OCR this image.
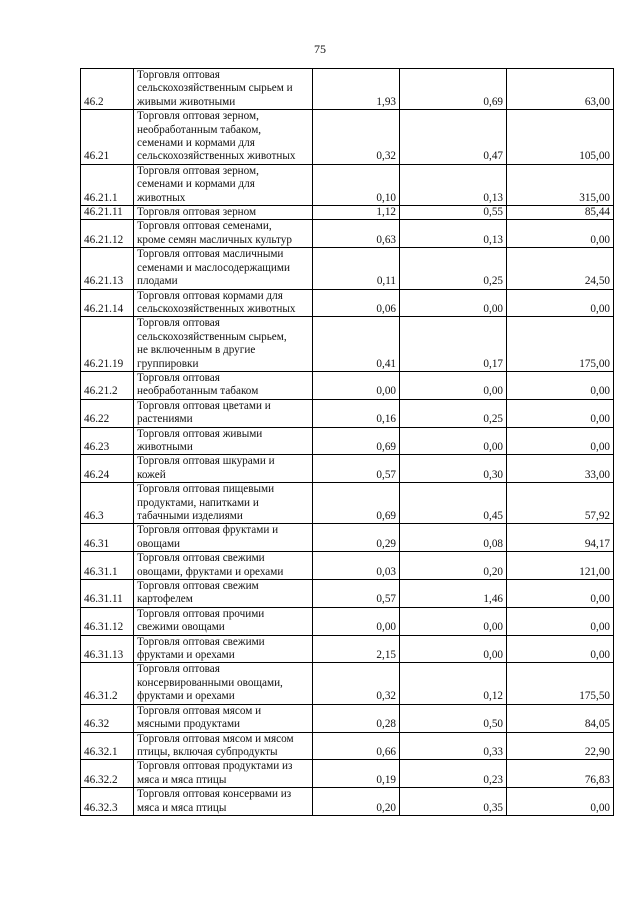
75
46.2	Торговля оптовая
сельскохозяйственным сырьем и
живыми животными	1,93	0,69	63,00
46.21	Торговля оптовая зерном,
необработанным табаком,
семенами и кормами для
сельскохозяйственных животных	0,32	0,47	105,00
46.21.1	Торговля оптовая зерном,
семенами и кормами для
животных	0,10	0,13	315,00
46.21.11	Торговля оптовая зерном	1,12	0,55	85,44
46.21.12	Торговля оптовая семенами,
кроме семян масличных культур	0,63	0,13	0,00
46.21.13	Торговля оптовая масличными
семенами и маслосодержащими
плодами	0,11	0,25	24,50
46.21.14	Торговля оптовая кормами для
сельскохозяйственных животных	0,06	0,00	0,00
46.21.19	Торговля оптовая
сельскохозяйственным сырьем,
не включенным в другие
группировки	0,41	0,17	175,00
46.21.2	Торговля оптовая
необработанным табаком	0,00	0,00	0,00
46.22	Торговля оптовая цветами и
растениями	0,16	0,25	0,00
46.23	Торговля оптовая живыми
животными	0,69	0,00	0,00
46.24	Торговля оптовая шкурами и
кожей	0,57	0,30	33,00
46.3	Торговля оптовая пищевыми
продуктами, напитками и
табачными изделиями	0,69	0,45	57,92
46.31	Торговля оптовая фруктами и
овощами	0,29	0,08	94,17
46.31.1	Торговля оптовая свежими
овощами, фруктами и орехами	0,03	0,20	121,00
46.31.11	Торговля оптовая свежим
картофелем	0,57	1,46	0,00
46.31.12	Торговля оптовая прочими
свежими овощами	0,00	0,00	0,00
46.31.13	Торговля оптовая свежими
фруктами и орехами	2,15	0,00	0,00
46.31.2	Торговля оптовая
консервированными овощами,
фруктами и орехами	0,32	0,12	175,50
46.32	Торговля оптовая мясом и
мясными продуктами	0,28	0,50	84,05
46.32.1	Торговля оптовая мясом и мясом
птицы, включая субпродукты	0,66	0,33	22,90
46.32.2	Торговля оптовая продуктами из
мяса и мяса птицы	0,19	0,23	76,83
46.32.3	Торговля оптовая консервами из
мяса и мяса птицы	0,20	0,35	0,00
